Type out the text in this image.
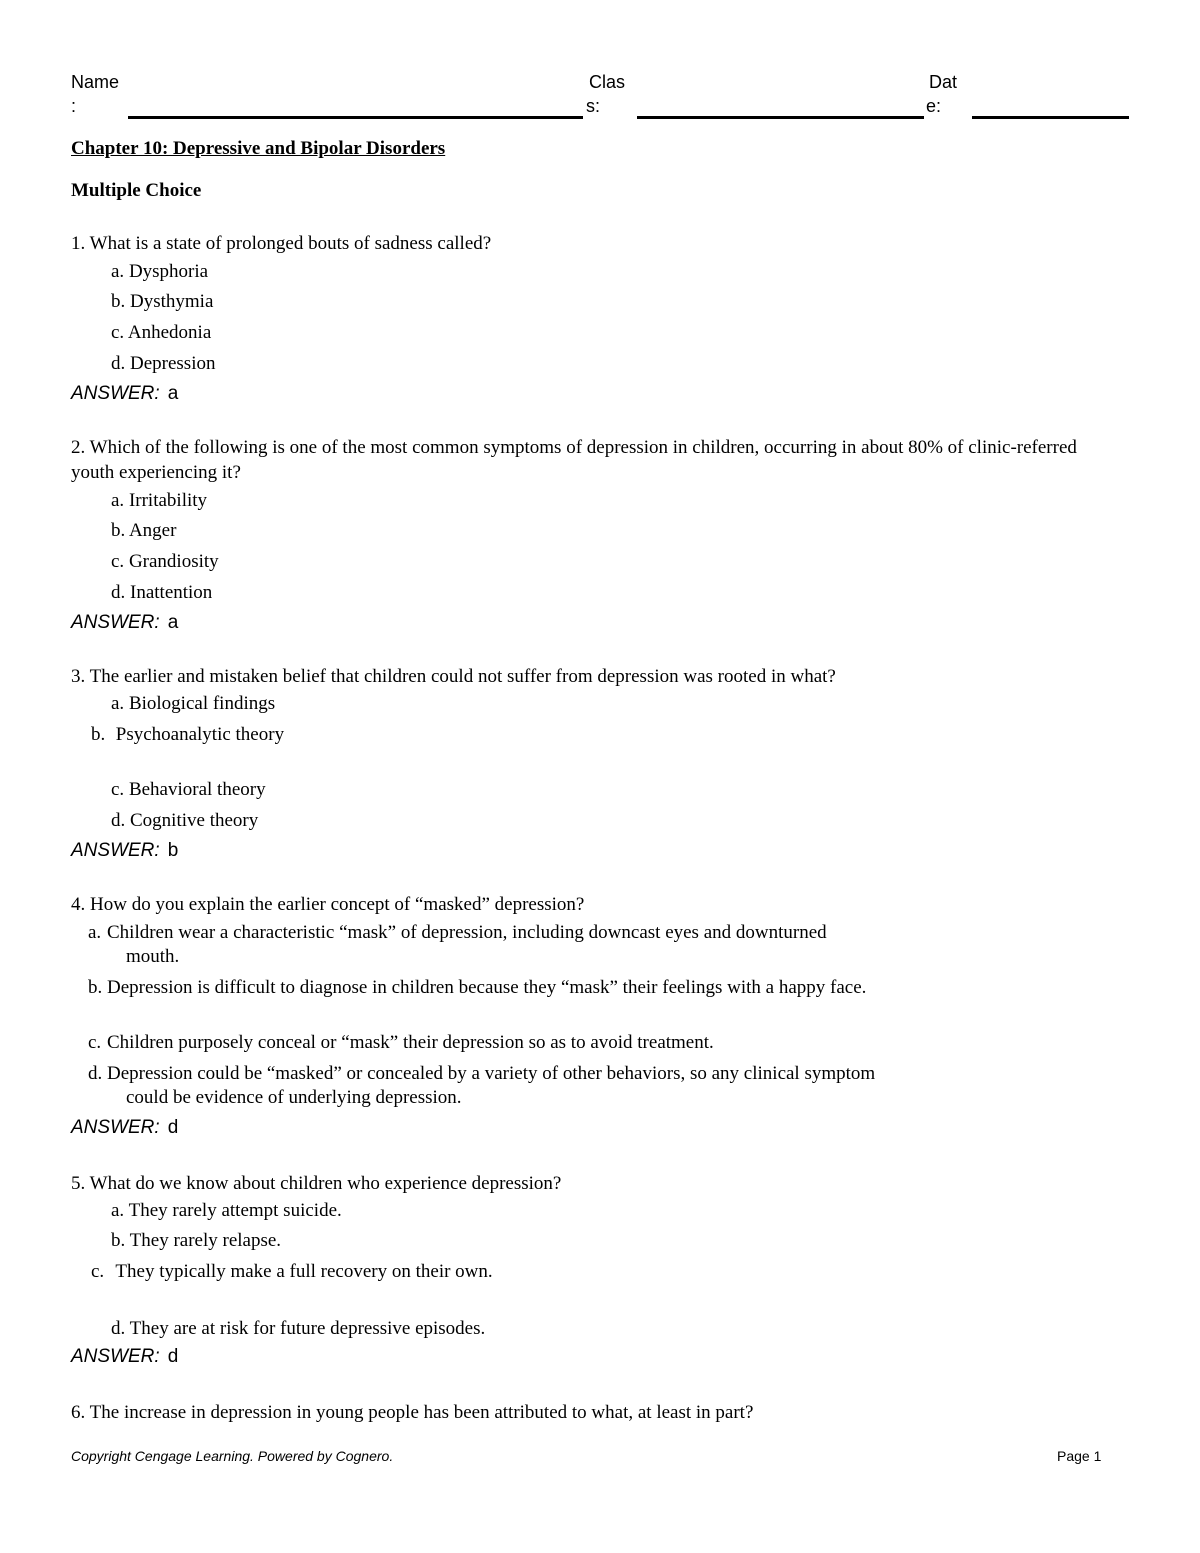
Name
:
Clas
s:
Dat
e:
Chapter 10: Depressive and Bipolar Disorders
Multiple Choice
1. What is a state of prolonged bouts of sadness called?
a. Dysphoria
b. Dysthymia
c. Anhedonia
d. Depression
ANSWER: a
2. Which of the following is one of the most common symptoms of depression in children, occurring in about 80% of clinic-referred youth experiencing it?
a. Irritability
b. Anger
c. Grandiosity
d. Inattention
ANSWER: a
3. The earlier and mistaken belief that children could not suffer from depression was rooted in what?
a. Biological findings
b. Psychoanalytic theory
c. Behavioral theory
d. Cognitive theory
ANSWER: b
4. How do you explain the earlier concept of “masked” depression?
a. Children wear a characteristic “mask” of depression, including downcast eyes and downturned mouth.
b. Depression is difficult to diagnose in children because they “mask” their feelings with a happy face.
c. Children purposely conceal or “mask” their depression so as to avoid treatment.
d. Depression could be “masked” or concealed by a variety of other behaviors, so any clinical symptom could be evidence of underlying depression.
ANSWER: d
5. What do we know about children who experience depression?
a. They rarely attempt suicide.
b. They rarely relapse.
c. They typically make a full recovery on their own.
d. They are at risk for future depressive episodes.
ANSWER: d
6. The increase in depression in young people has been attributed to what, at least in part?
Copyright Cengage Learning. Powered by Cognero.	Page 1
